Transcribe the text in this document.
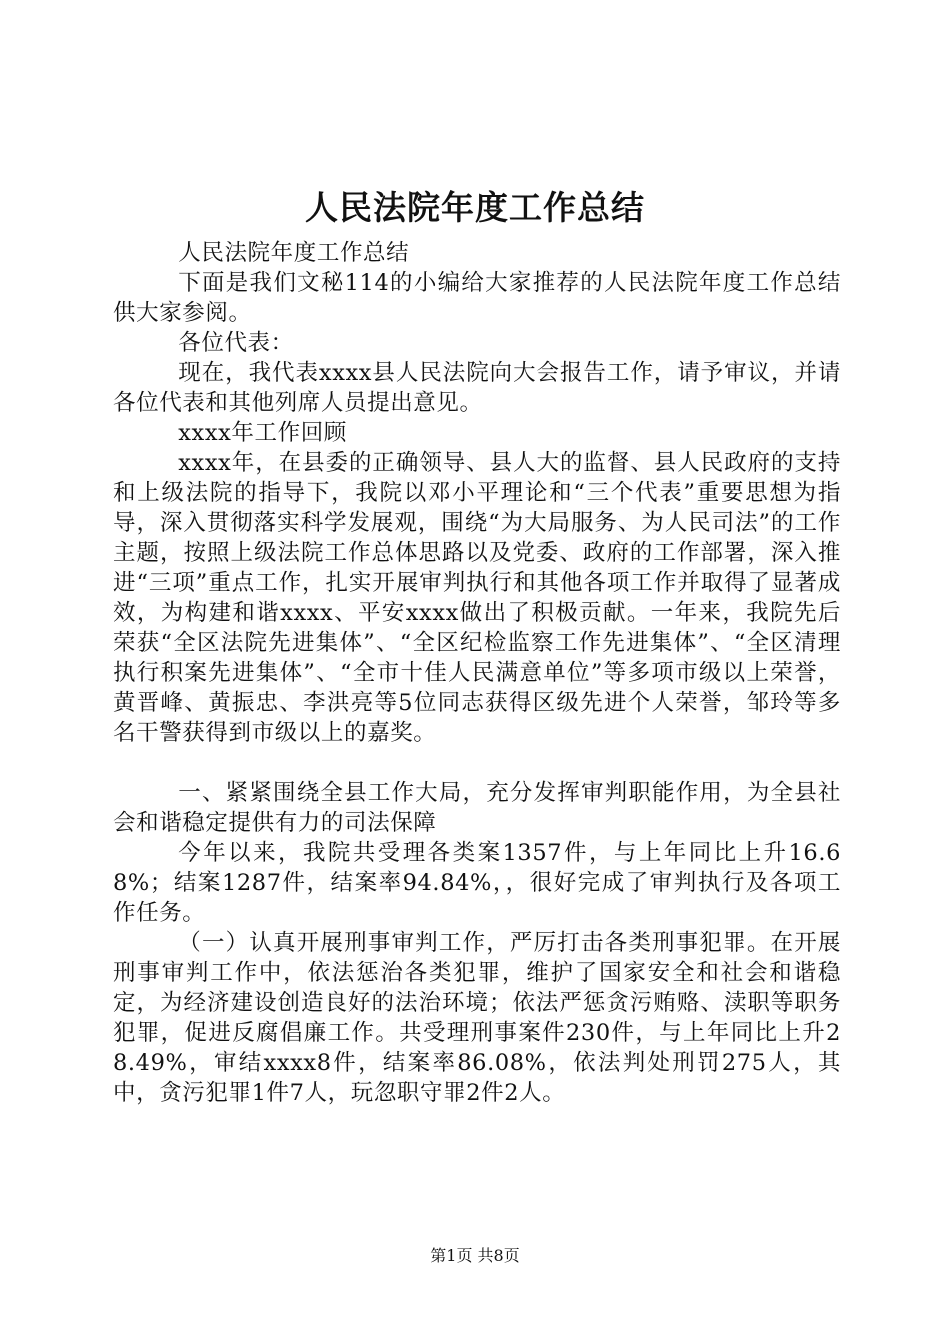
人民法院年度工作总结

人民法院年度工作总结

下面是我们文秘114的小编给大家推荐的人民法院年度工作总结供大家参阅。

各位代表：

现在，我代表xxxx县人民法院向大会报告工作，请予审议，并请各位代表和其他列席人员提出意见。

xxxx年工作回顾

xxxx年，在县委的正确领导、县人大的监督、县人民政府的支持和上级法院的指导下，我院以邓小平理论和“三个代表”重要思想为指导，深入贯彻落实科学发展观，围绕“为大局服务、为人民司法”的工作主题，按照上级法院工作总体思路以及党委、政府的工作部署，深入推进“三项”重点工作，扎实开展审判执行和其他各项工作并取得了显著成效，为构建和谐xxxx、平安xxxx做出了积极贡献。一年来，我院先后荣获“全区法院先进集体”、“全区纪检监察工作先进集体”、“全区清理执行积案先进集体”、“全市十佳人民满意单位”等多项市级以上荣誉，黄晋峰、黄振忠、李洪亮等5位同志获得区级先进个人荣誉，邹玲等多名干警获得到市级以上的嘉奖。

一、紧紧围绕全县工作大局，充分发挥审判职能作用，为全县社会和谐稳定提供有力的司法保障

今年以来，我院共受理各类案1357件，与上年同比上升16.68%；结案1287件，结案率94.84%，，很好完成了审判执行及各项工作任务。

（一）认真开展刑事审判工作，严厉打击各类刑事犯罪。在开展刑事审判工作中，依法惩治各类犯罪，维护了国家安全和社会和谐稳定，为经济建设创造良好的法治环境；依法严惩贪污贿赂、渎职等职务犯罪，促进反腐倡廉工作。共受理刑事案件230件，与上年同比上升28.49%，审结xxxx8件，结案率86.08%，依法判处刑罚275人，其中，贪污犯罪1件7人，玩忽职守罪2件2人。

第1页 共8页
